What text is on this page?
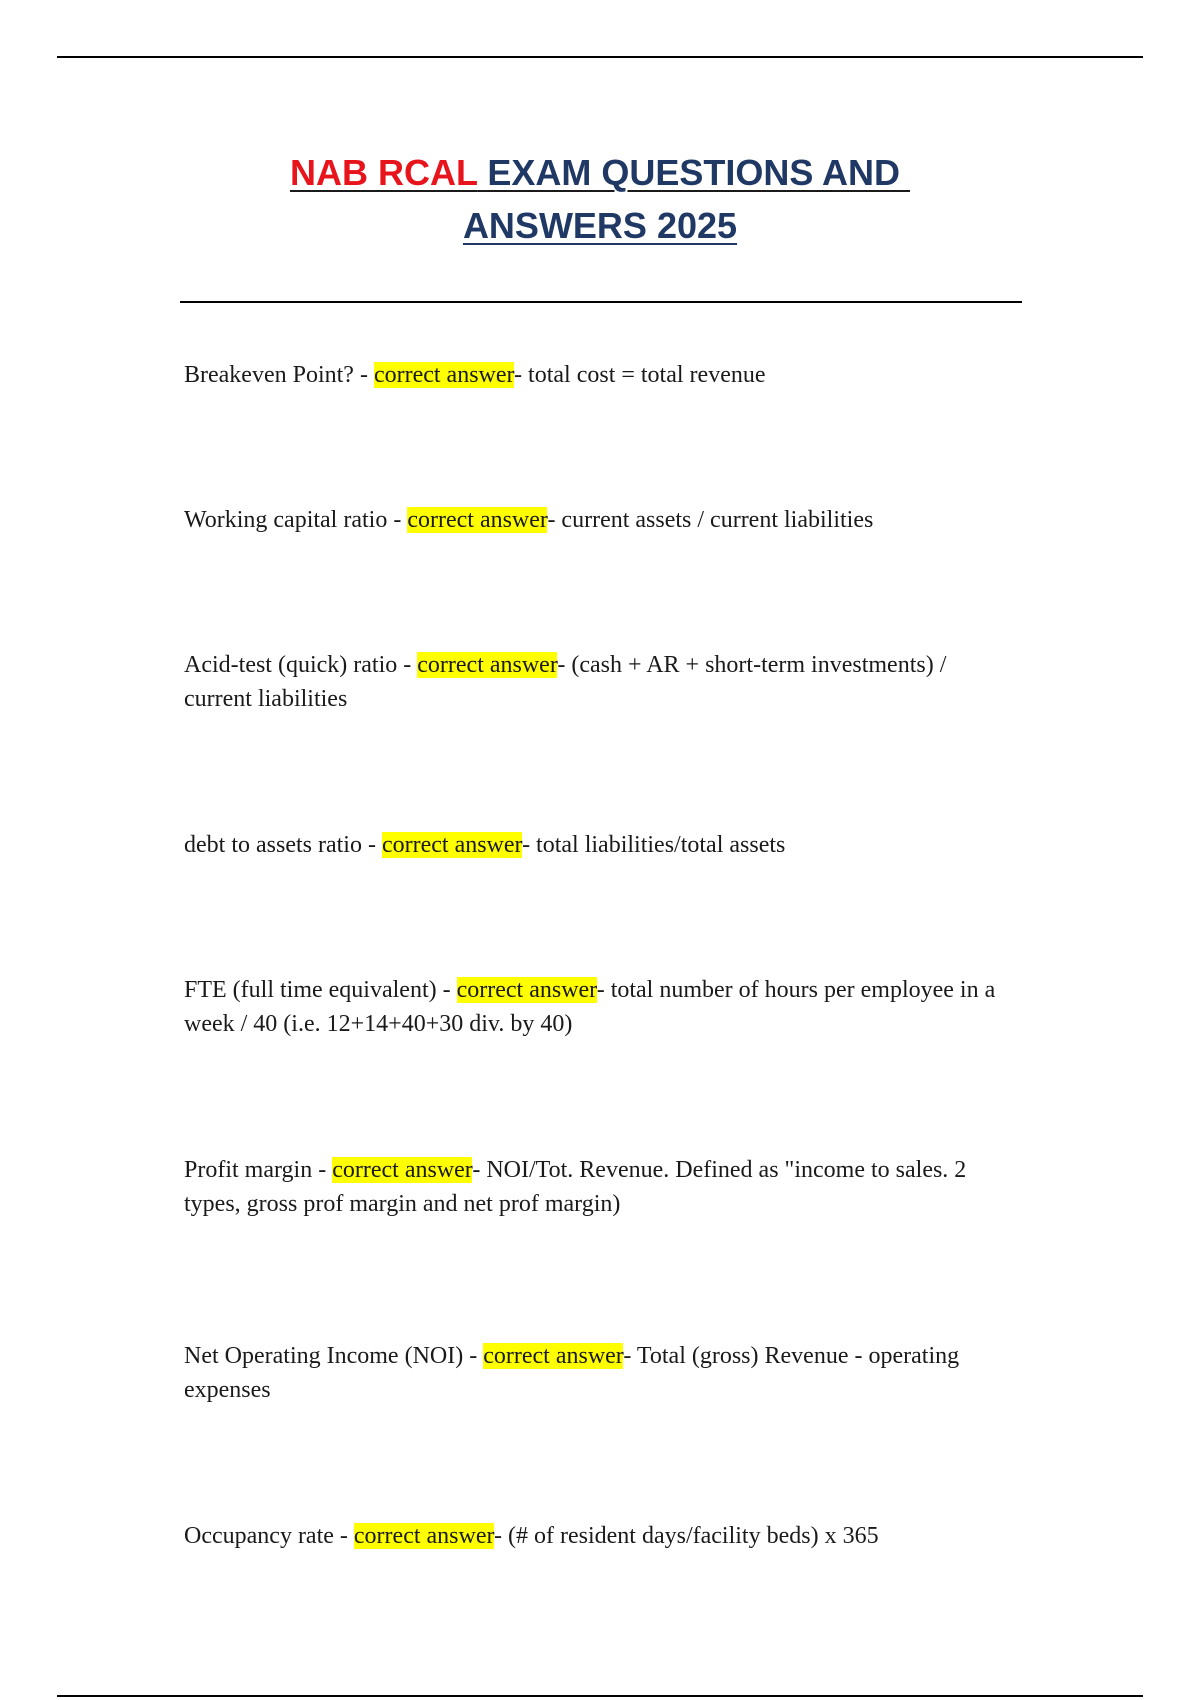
NAB RCAL EXAM QUESTIONS AND
ANSWERS 2025

Breakeven Point? - correct answer- total cost = total revenue

Working capital ratio - correct answer- current assets / current liabilities

Acid-test (quick) ratio - correct answer- (cash + AR + short-term investments) / current liabilities

debt to assets ratio - correct answer- total liabilities/total assets

FTE (full time equivalent) - correct answer- total number of hours per employee in a week / 40 (i.e. 12+14+40+30 div. by 40)

Profit margin - correct answer- NOI/Tot. Revenue. Defined as "income to sales. 2 types, gross prof margin and net prof margin)

Net Operating Income (NOI) - correct answer- Total (gross) Revenue - operating expenses

Occupancy rate - correct answer- (# of resident days/facility beds) x 365
